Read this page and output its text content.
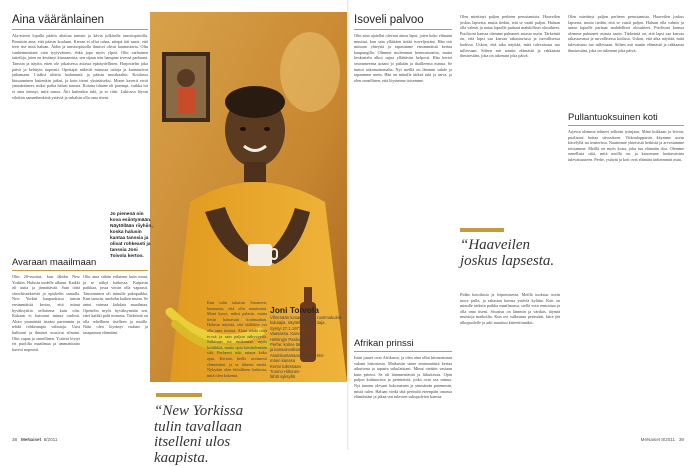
Aina vääränlainen
Ala-asteen lopulla päätin aloittaa tanssin ja kävin julkisella tanssiopistolla. Pinnistin aina, että pääsin kouluun. Kerran ei ollut rahaa, niinpä äiti sanoi, että teen itse mitä haluan. Äidin ja tanssiopistolla ihmiset olivat kannustavia. Olin vanhemmistani vain tyytyväinen, ehkä jopa myös ylpeä. Olin varhainen taiteilija, joten en kestänyt kiusaamista, sen sijaan tein hampaat irvessä parhaani. Tanssin ja näytin, etten ole jokaisessa asiassa epätäydellinen. Harjoittelin joka päivä ja kehityin nopeasti. Opettajat näkivät minussa taitoja ja kannustivat jatkamaan. Lisäksi aloitin laulutunnit ja pääsin musikaaliin. Koulussa kiusaaminen kuitenkin jatkui, ja koin itseni yksinäiseksi. Monet kaverit eivät ymmärtäneet, miksi poika halusi tanssia. Kotona tilanne oli parempi, vaikka isä ei aina tiennyt, mitä sanoa. Äiti kuitenkin tuki, ja se riitti. Lukiossa löysin vihdoin samanhenkisiä ystäviä ja uskalsin olla oma itseni.
Avaraan maailmaan
Olin 20-vuotias, kun lähdin New Yorkiin. Halusin uudelle alkuun. Kaikki oli uutta ja jännittävää. Sain töitä showbisneksestä ja opiskelin samalla. New Yorkin kaupunkissa tunsin ensimmäistä kertaa, että minut hyväksyttiin sellaisena kuin olin. Kukaan ei katsonut minua oudosti. Aloin ymmärtää itseäni paremmin ja tehdä rohkeampia valintoja. Uusi kulttuuri ja ihmiset avasivat silmäni. Olin vapaa ja onnellinen. Ystäviä löytyi eri puolilta maailmaa ja ammattitaito kasvoi nopeasti.
Olin aina vähän erilainen kuin muut, ja se näkyi kaikessa. Kaipasin paikkaa, jossa voisin olla vapaasti. Tanssiminen oli minulle pakopaikka. Kun tanssin, unohdin kaiken muun. Se antoi voimaa kohdata maailmaa. Opettelin myös hyväksymään sen, ettei kaikki pidä minusta. Tärkeintä on olla rehellinen itselleen ja muille. Näin olen löytänyt rauhan ja tasapainon elämääni.
Jo pienenä oin kova esiintymään. Näytöllään riiyhiin, koska halusin kantaa tanssia ja olivat rohkeasti ja tanssia Joni Toivola kertoo.
Kun tulin takaisin Suomeen, huomasin, että olin muuttunut. Moni kysyi, miksi palasin, mutta tiesin haluavani kotimaahan. Halusin näyttää, että täälläkin voi olla oma itsensä. Aloin tehdä töitä tv:ssä ja sain paljon näkyvyyttä. Julkisuus toi mukanaan myös kritiikkiä, mutta opin käsittelemään sitä. Perheeni tuki minua koko ajan. Kerroin heille avoimesti elämästäni, ja se lähensi meitä. Nykyään olen kiitollinen kaikesta, mitä olen kokenut.
“New Yorkissa tulin tavallaan itselleni ulos kaapista.
Joni Toivola
Vihrenään lumanmalluja, ruotimakukai-
kulutajia, näyttelijä ja juontaja.
Syntyi 27.1.1977
Vaasassa. Kasvoi
Helsingin Pasilanissa.
Perhe: kolme tähteä
ja kansainvälisiä
Asuinkuntanaan Teemu Hirvi-
mäen kanssa
Kertoi tullessaan
Tuomo Hiltunen
lähtö syksyllä
Isoveli palvoo
Olin aina ajatellut olevani ainoa lapsi, joten koko elämäni muuttui, kun sain yllättäen tietää isoveljestäni. Hän otti minuun yhteyttä ja tapasimme ensimmäistä kertaa kaupungilla. Olimme molemmat hermostuneita, mutta keskustelu alkoi sujua yllättävän helposti. Hän kertoi seuranneensa uraani jo pitkään ja ihailleensa minua. Se tuntui uskomattomalta. Nyt meillä on lämmin suhde ja tapaamme usein. Hän on minulle tärkeä tuki ja turva, ja olen onnellinen, että löysimme toisemme.
Afrikan prinssi
Isäni juuret ovat Afrikassa, ja olen aina ollut kiinnostunut sukuni historiasta. Matkustin sinne ensimmäistä kertaa aikuisena ja tapasin sukulaisiani. Minut otettiin vastaan kuin prinssi. Se oli hämmentävää ja liikuttavaa. Opin paljon kulttuurista ja perinteistä, jotka ovat osa minua. Nyt tunnen olevani kokonainen ja ymmärrän paremmin, mistä tulen. Haluan viedä tätä perintöä eteenpäin omassa elämässäni ja jakaa sen tulevien sukupolvien kanssa.
Olen miettinyt paljon perheen perustamista. Haaveilen joskus lapsesta, mutta tiedän, että se vaatii paljon. Haluan olla valmis ja antaa lapselle parhaat mahdolliset olosuhteet. Puolisoni kanssa olemme puhuneet asiasta usein. Tärkeintä on, että lapsi saa kasvaa rakastavassa ja turvallisessa kodissa. Uskon, että aika näyttää, mitä tulevaisuus tuo tullessaan. Siihen asti nautin elämästä ja rakkaasta ihmisestäni, joka on tukenani joka päivä.
“Haaveilen joskus lapsesta.
Pidän kotoilusta ja leipomisesta. Meillä tuoksuu usein tuore pulla, ja rakastan kutsua ystäviä kylään. Koti on minulle tärkein paikka maailmassa, siellä voin rentoutua ja olla oma itseni. Sisustus on lämmin ja värikäs, täynnä muistoja matkoilta. Kun ovi sulkeutuu perässäni, kiire jää ulkopuolelle ja arki muuttuu kiireettömäksi.
Olen miettinyt paljon perheen perustamista. Haaveilen joskus lapsesta, mutta tiedän, että se vaatii paljon. Haluan olla valmis ja antaa lapselle parhaat mahdolliset olosuhteet. Puolisoni kanssa olemme puhuneet asiasta usein. Tärkeintä on, että lapsi saa kasvaa rakastavassa ja turvallisessa kodissa. Uskon, että aika näyttää, mitä tulevaisuus tuo tullessaan. Siihen asti nautin elämästä ja rakkaasta ihmisestäni, joka on tukenani joka päivä.
Pullantuoksuinen koti
Arjessa olemme tehneet selkeän työnjaon. Minä kokkaan ja leivon, puolisoni hoitaa siivouksen. Viikonloppuisin käymme usein kävelyllä tai teatterissa. Nautimme yhteisistä hetkistä ja arvostamme toisiamme. Meillä on myös koira, joka tuo elämään iloa. Olemme onnellisia siitä, mitä meillä on, ja katsomme luottavaisina tulevaisuuteen. Perhe, ystävät ja koti ovat elämäni tärkeimmät asiat.
38 MeNaiset 8/2011	MeNaiset 8/2011 39
